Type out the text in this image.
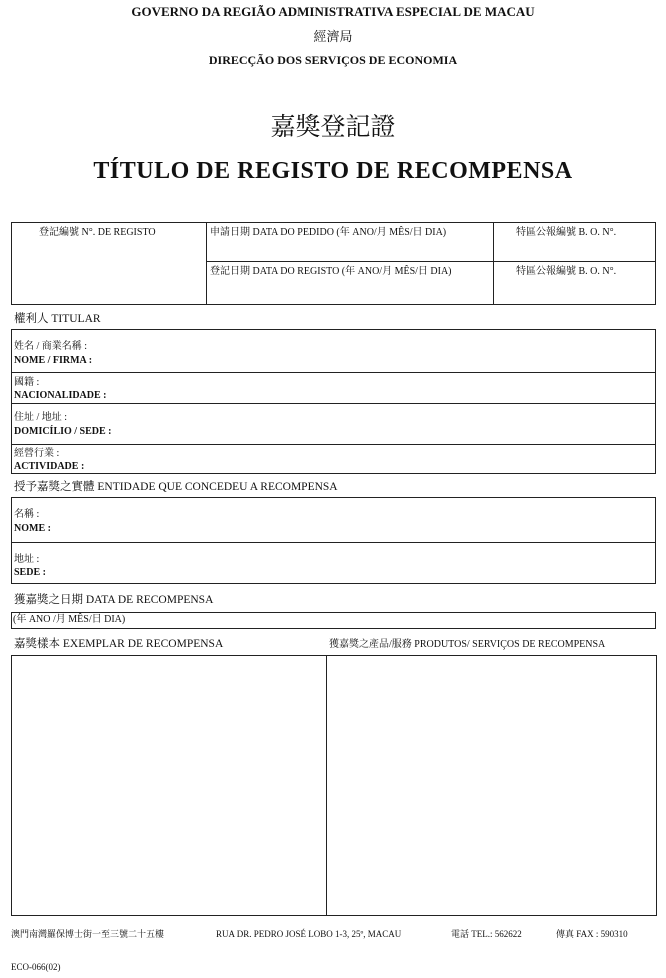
GOVERNO DA REGIÃO ADMINISTRATIVA ESPECIAL DE MACAU
經濟局
DIRECÇÃO DOS SERVIÇOS DE ECONOMIA
嘉獎登記證
TÍTULO DE REGISTO DE RECOMPENSA
登記編號 N°. DE REGISTO	申請日期 DATA DO PEDIDO (年 ANO/月 MÊS/日 DIA)	特區公報編號 B. O. N°.
登記日期 DATA DO REGISTO (年 ANO/月 MÊS/日 DIA)	特區公報編號 B. O. N°.
權利人 TITULAR
姓名 / 商業名稱 :
NOME / FIRMA :
國籍 :
NACIONALIDADE :
住址 / 地址 :
DOMICÍLIO / SEDE :
經營行業 :
ACTIVIDADE :
授予嘉獎之實體 ENTIDADE QUE CONCEDEU A RECOMPENSA
名稱 :
NOME :
地址 :
SEDE :
獲嘉獎之日期 DATA DE RECOMPENSA
(年 ANO /月 MÊS/日 DIA)
嘉獎樣本 EXEMPLAR DE RECOMPENSA	獲嘉獎之產品/服務 PRODUTOS/ SERVIÇOS DE RECOMPENSA
澳門南灣羅保博士街一至三號二十五樓	RUA DR. PEDRO JOSÉ LOBO 1-3, 25º, MACAU	電話 TEL.: 562622	傳真 FAX : 590310
ECO-066(02)
